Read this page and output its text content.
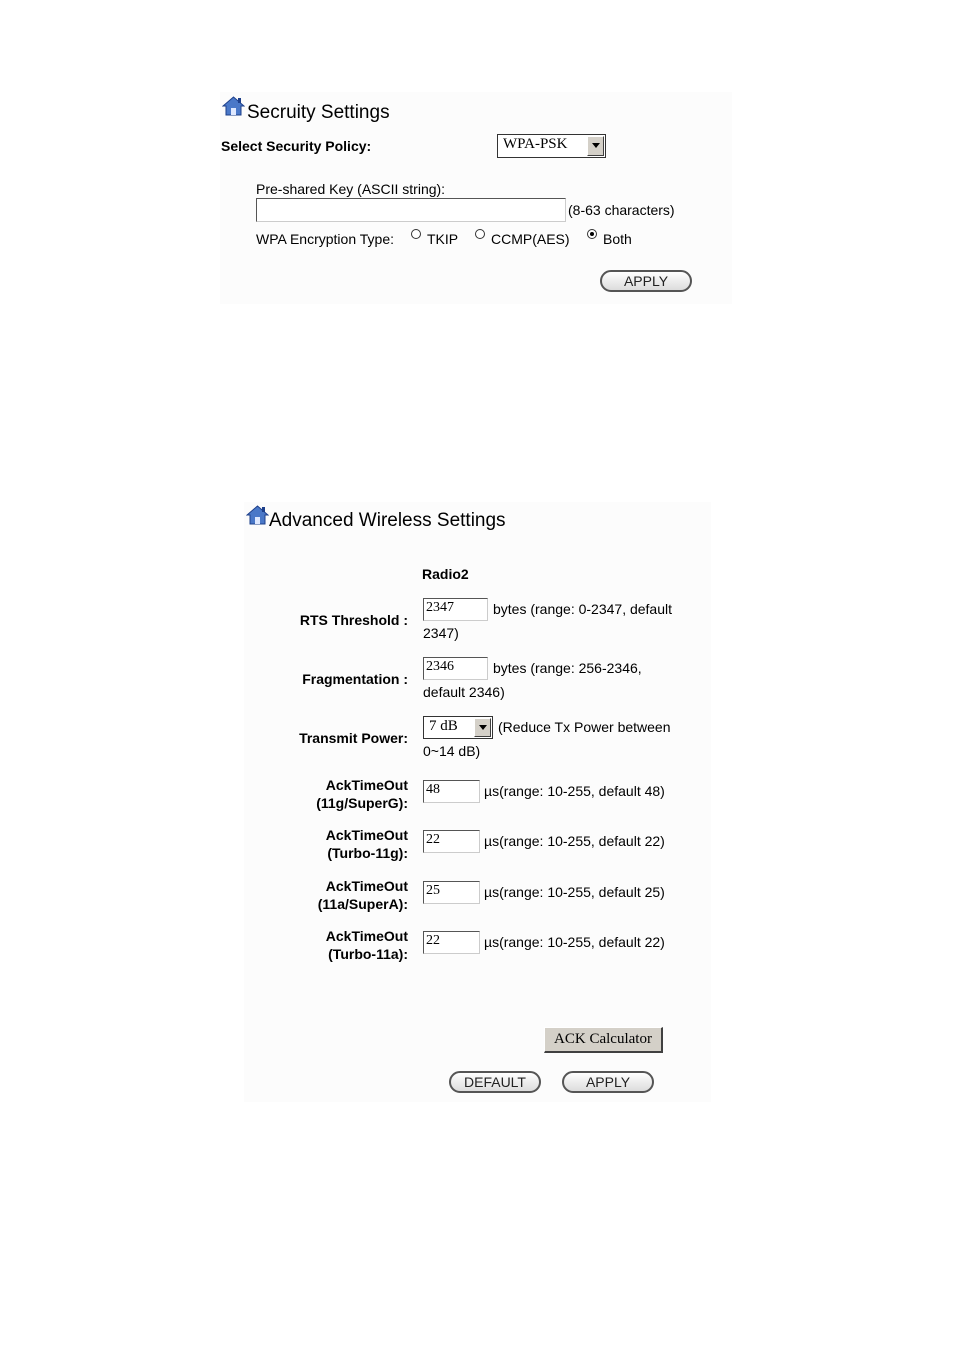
Secruity Settings
Select Security Policy:	WPA-PSK
Pre-shared Key (ASCII string):
(8-63 characters)
WPA Encryption Type: TKIP CCMP(AES) Both
APPLY
Advanced Wireless Settings
Radio2
RTS Threshold :
2347	bytes (range: 0-2347, default
2347)
Fragmentation :
2346	bytes (range: 256-2346,
default 2346)
Transmit Power:
7 dB	(Reduce Tx Power between
0~14 dB)
AckTimeOut
(11g/SuperG):
48	µs(range: 10-255, default 48)
AckTimeOut
(Turbo-11g):
22	µs(range: 10-255, default 22)
AckTimeOut
(11a/SuperA):
25	µs(range: 10-255, default 25)
AckTimeOut
(Turbo-11a):
22	µs(range: 10-255, default 22)
ACK Calculator
DEFAULT	APPLY
